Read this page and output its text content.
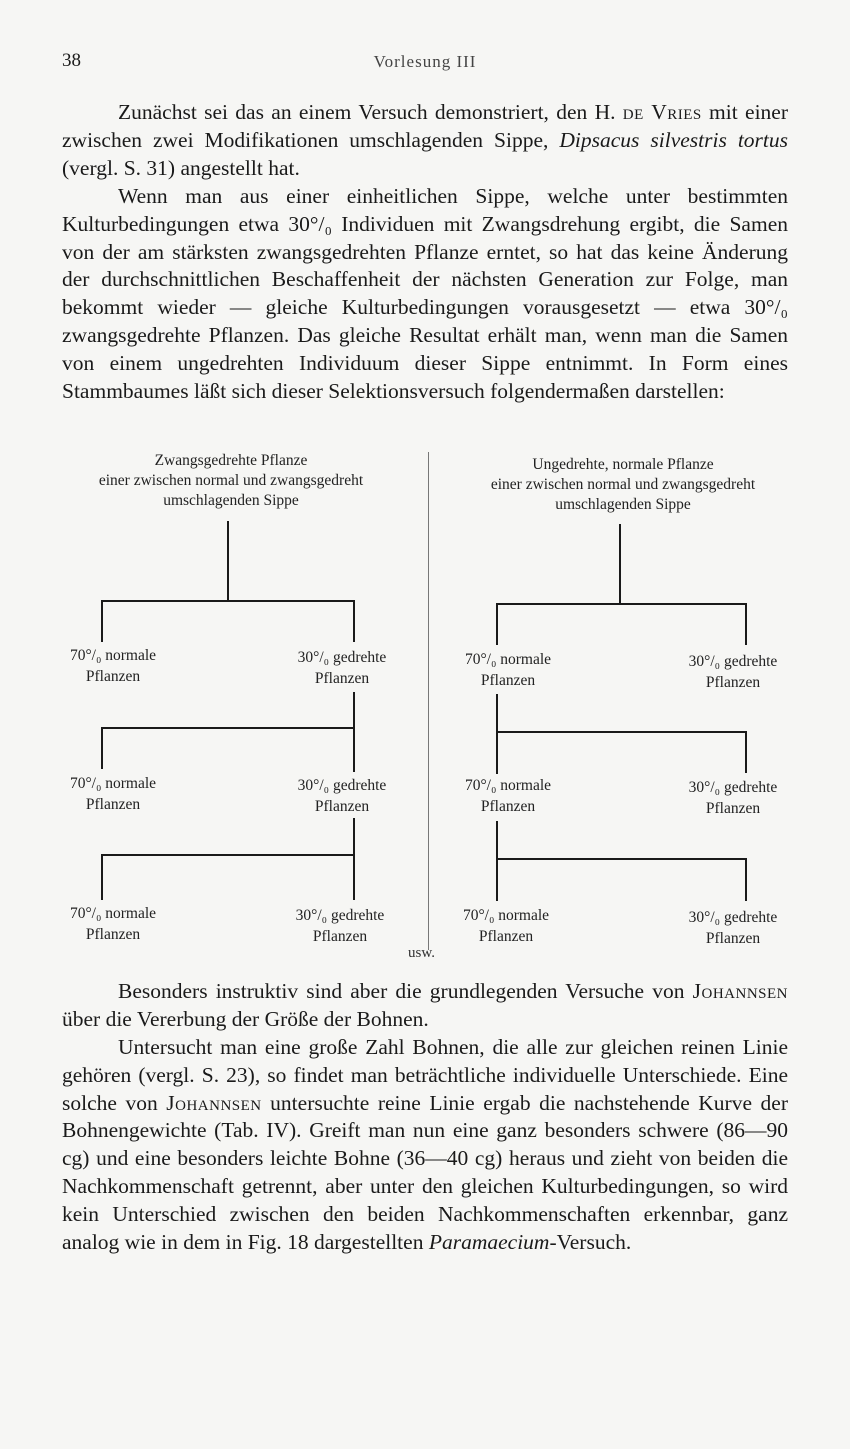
38	Vorlesung III

Zunächst sei das an einem Versuch demonstriert, den H. de Vries mit einer zwischen zwei Modifikationen umschlagenden Sippe, Dipsacus silvestris tortus (vergl. S. 31) angestellt hat.

Wenn man aus einer einheitlichen Sippe, welche unter bestimmten Kulturbedingungen etwa 30°/₀ Individuen mit Zwangsdrehung ergibt, die Samen von der am stärksten zwangsgedrehten Pflanze erntet, so hat das keine Änderung der durchschnittlichen Beschaffenheit der nächsten Generation zur Folge, man bekommt wieder — gleiche Kulturbedingungen vorausgesetzt — etwa 30°/₀ zwangsgedrehte Pflanzen. Das gleiche Resultat erhält man, wenn man die Samen von einem ungedrehten Individuum dieser Sippe entnimmt. In Form eines Stammbaumes läßt sich dieser Selektionsversuch folgendermaßen darstellen:

Zwangsgedrehte Pflanze
einer zwischen normal und zwangsgedreht
umschlagenden Sippe
Ungedrehte, normale Pflanze
einer zwischen normal und zwangsgedreht
umschlagenden Sippe
70°/₀ normale
Pflanzen
30°/₀ gedrehte
Pflanzen
70°/₀ normale
Pflanzen
30°/₀ gedrehte
Pflanzen
70°/₀ normale
Pflanzen
30°/₀ gedrehte
Pflanzen
70°/₀ normale
Pflanzen
30°/₀ gedrehte
Pflanzen
70°/₀ normale
Pflanzen
30°/₀ gedrehte
Pflanzen
70°/₀ normale
Pflanzen
30°/₀ gedrehte
Pflanzen
usw.

Besonders instruktiv sind aber die grundlegenden Versuche von Johannsen über die Vererbung der Größe der Bohnen.

Untersucht man eine große Zahl Bohnen, die alle zur gleichen reinen Linie gehören (vergl. S. 23), so findet man beträchtliche individuelle Unterschiede. Eine solche von Johannsen untersuchte reine Linie ergab die nachstehende Kurve der Bohnengewichte (Tab. IV). Greift man nun eine ganz besonders schwere (86—90 cg) und eine besonders leichte Bohne (36—40 cg) heraus und zieht von beiden die Nachkommenschaft getrennt, aber unter den gleichen Kulturbedingungen, so wird kein Unterschied zwischen den beiden Nachkommenschaften erkennbar, ganz analog wie in dem in Fig. 18 dargestellten Paramaecium-Versuch.
